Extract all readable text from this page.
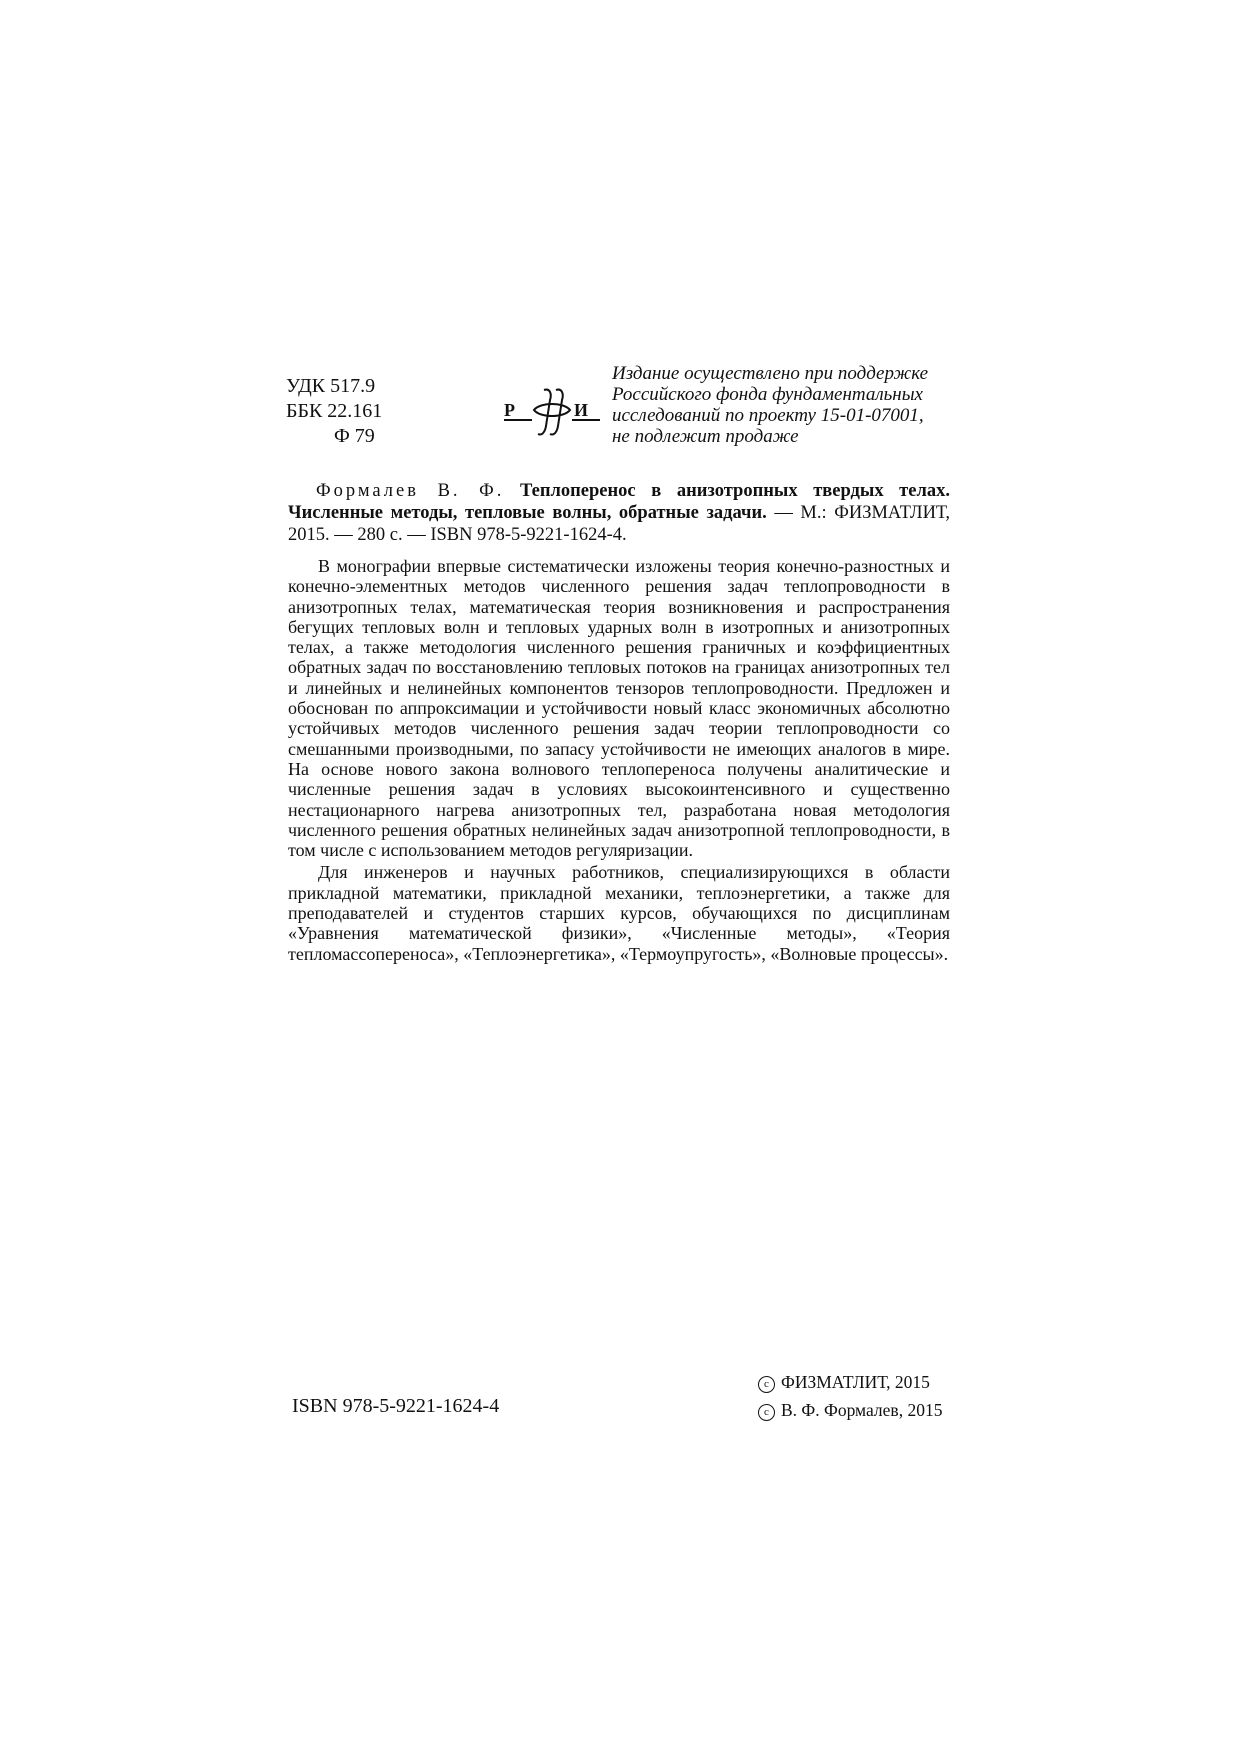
УДК 517.9
ББК 22.161

Ф 79
Р	И
Издание осуществлено при поддержке
Российского фонда фундаментальных
исследований по проекту 15-01-07001,
не подлежит продаже

Формалев В. Ф. Теплоперенос в анизотропных твердых телах. Численные методы, тепловые волны, обратные задачи. — М.: ФИЗМАТЛИТ, 2015. — 280 с. — ISBN 978-5-9221-1624-4.

В монографии впервые систематически изложены теория конечно-разностных и конечно-элементных методов численного решения задач теплопроводности в анизотропных телах, математическая теория возникновения и распространения бегущих тепловых волн и тепловых ударных волн в изотропных и анизотропных телах, а также методология численного решения граничных и коэффициентных обратных задач по восстановлению тепловых потоков на границах анизотропных тел и линейных и нелинейных компонентов тензоров теплопроводности. Предложен и обоснован по аппроксимации и устойчивости новый класс экономичных абсолютно устойчивых методов численного решения задач теории теплопроводности со смешанными производными, по запасу устойчивости не имеющих аналогов в мире. На основе нового закона волнового теплопереноса получены аналитические и численные решения задач в условиях высокоинтенсивного и существенно нестационарного нагрева анизотропных тел, разработана новая методология численного решения обратных нелинейных задач анизотропной теплопроводности, в том числе с использованием методов регуляризации.

Для инженеров и научных работников, специализирующихся в области прикладной математики, прикладной механики, теплоэнергетики, а также для преподавателей и студентов старших курсов, обучающихся по дисциплинам «Уравнения математической физики», «Численные методы», «Теория тепломассопереноса», «Теплоэнергетика», «Термоупругость», «Волновые процессы».

ISBN 978-5-9221-1624-4
c ФИЗМАТЛИТ, 2015
c В. Ф. Формалев, 2015
